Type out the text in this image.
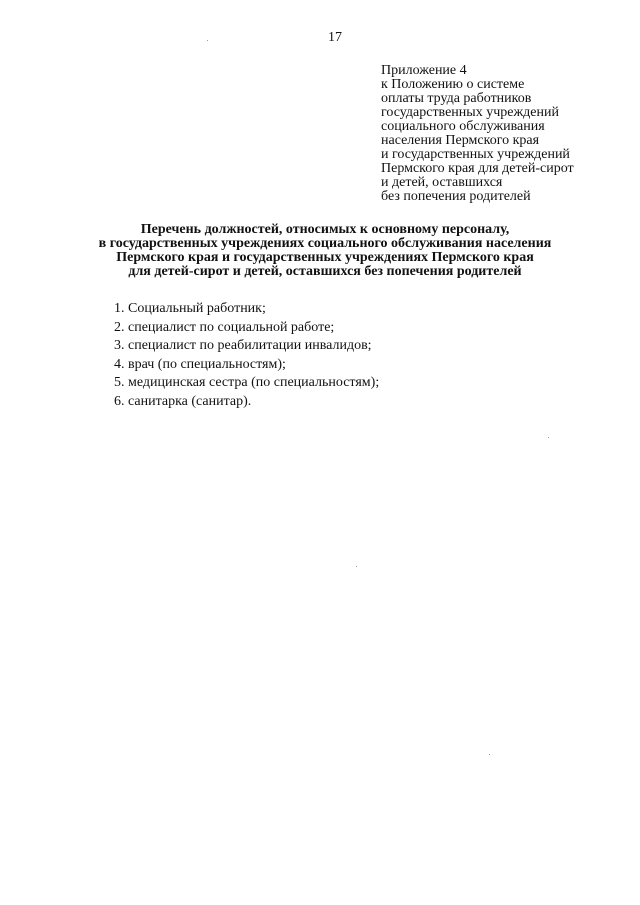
17
Приложение 4
к Положению о системе
оплаты труда работников
государственных учреждений
социального обслуживания
населения Пермского края
и государственных учреждений
Пермского края для детей-сирот
и детей, оставшихся
без попечения родителей
Перечень должностей, относимых к основному персоналу,
в государственных учреждениях социального обслуживания населения
Пермского края и государственных учреждениях Пермского края
для детей-сирот и детей, оставшихся без попечения родителей
1. Социальный работник;
2. специалист по социальной работе;
3. специалист по реабилитации инвалидов;
4. врач (по специальностям);
5. медицинская сестра (по специальностям);
6. санитарка (санитар).
